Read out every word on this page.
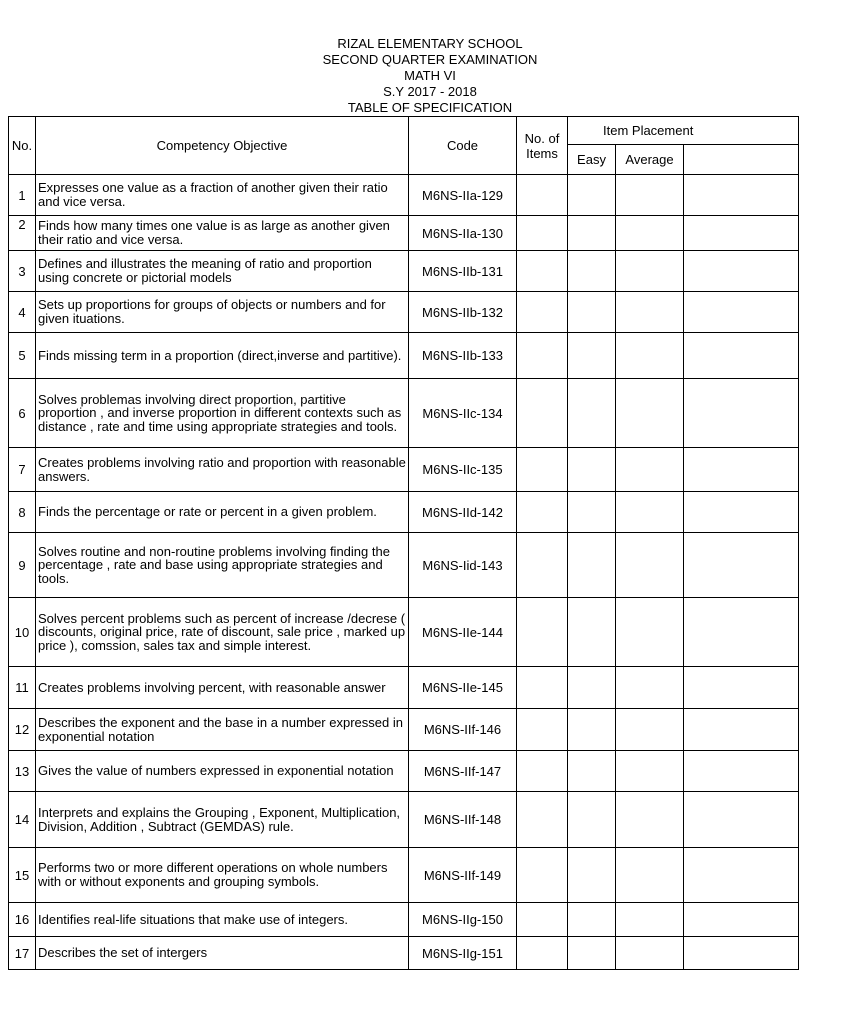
RIZAL ELEMENTARY SCHOOL
SECOND QUARTER EXAMINATION
MATH VI
S.Y 2017 - 2018
TABLE OF SPECIFICATION
No.	Competency Objective	Code	No. of Items	Item Placement		
				Easy	Average	
1	Expresses one value as a fraction of another given their ratio and vice versa.	M6NS-IIa-129				
2	Finds how many times one value is as large as another given their ratio and vice versa.	M6NS-IIa-130				
3	Defines and illustrates the meaning of ratio and proportion using concrete or pictorial models	M6NS-IIb-131				
4	Sets up proportions for groups of objects or numbers and for given ituations.	M6NS-IIb-132				
5	Finds missing term in a proportion (direct,inverse and partitive).	M6NS-IIb-133				
6	Solves problemas involving direct proportion, partitive proportion , and inverse proportion in different contexts such as distance , rate and time using appropriate strategies and tools.	M6NS-IIc-134				
7	Creates problems involving ratio and proportion with reasonable answers.	M6NS-IIc-135				
8	Finds the percentage or rate or percent in a given problem.	M6NS-IId-142				
9	Solves routine and non-routine problems involving finding the percentage , rate and base using appropriate strategies and tools.	M6NS-Iid-143				
10	Solves percent problems such as percent of increase /decrese ( discounts, original price, rate of discount, sale price , marked up price ), comssion, sales tax and simple interest.	M6NS-IIe-144				
11	Creates problems involving percent, with reasonable answer	M6NS-IIe-145				
12	Describes the exponent and the base in a number expressed in exponential notation	M6NS-IIf-146				
13	Gives the value of numbers expressed in exponential notation	M6NS-IIf-147				
14	Interprets and explains the Grouping , Exponent, Multiplication, Division, Addition , Subtract (GEMDAS) rule.	M6NS-IIf-148				
15	Performs two or more different operations on whole numbers with or without exponents and grouping symbols.	M6NS-IIf-149				
16	Identifies real-life situations that make use of integers.	M6NS-IIg-150				
17	Describes the set of intergers	M6NS-IIg-151				
